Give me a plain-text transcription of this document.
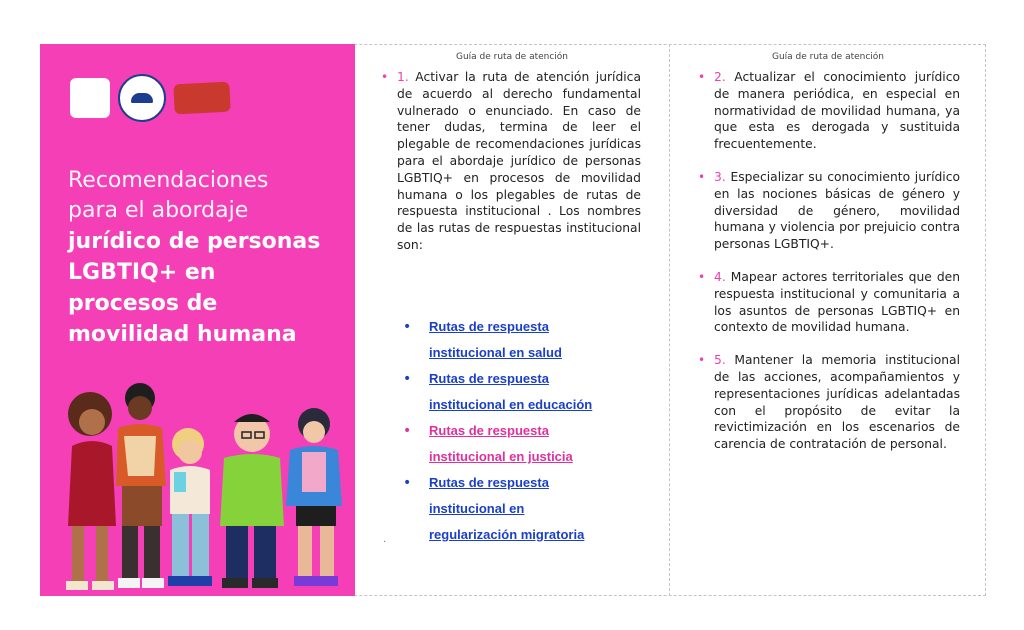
Recomendaciones
para el abordaje
jurídico de personas
LGBTIQ+ en
procesos de
movilidad humana
Guía de ruta de atención
• 1. Activar la ruta de atención jurídica de acuerdo al derecho fundamental vulnerado o enunciado. En caso de tener dudas, termina de leer el plegable de recomendaciones jurídicas para el abordaje jurídico de personas LGBTIQ+ en procesos de movilidad humana o los plegables de rutas de respuesta institucional . Los nombres de las rutas de respuestas institucional son:
•	Rutas de respuesta
institucional en salud
•	Rutas de respuesta
institucional en educación
•	Rutas de respuesta
institucional en justicia
•	Rutas de respuesta
institucional en
regularización migratoria
·
Guía de ruta de atención
• 2. Actualizar el conocimiento jurídico de manera periódica, en especial en normatividad de movilidad humana, ya que esta es derogada y sustituida frecuentemente.
• 3. Especializar su conocimiento jurídico en las nociones básicas de género y diversidad de género, movilidad humana y violencia por prejuicio contra personas LGBTIQ+.
• 4. Mapear actores territoriales que den respuesta institucional y comunitaria a los asuntos de personas LGBTIQ+ en contexto de movilidad humana.
• 5. Mantener la memoria institucional de las acciones, acompañamientos y representaciones jurídicas adelantadas con el propósito de evitar la revictimización en los escenarios de carencia de contratación de personal.
